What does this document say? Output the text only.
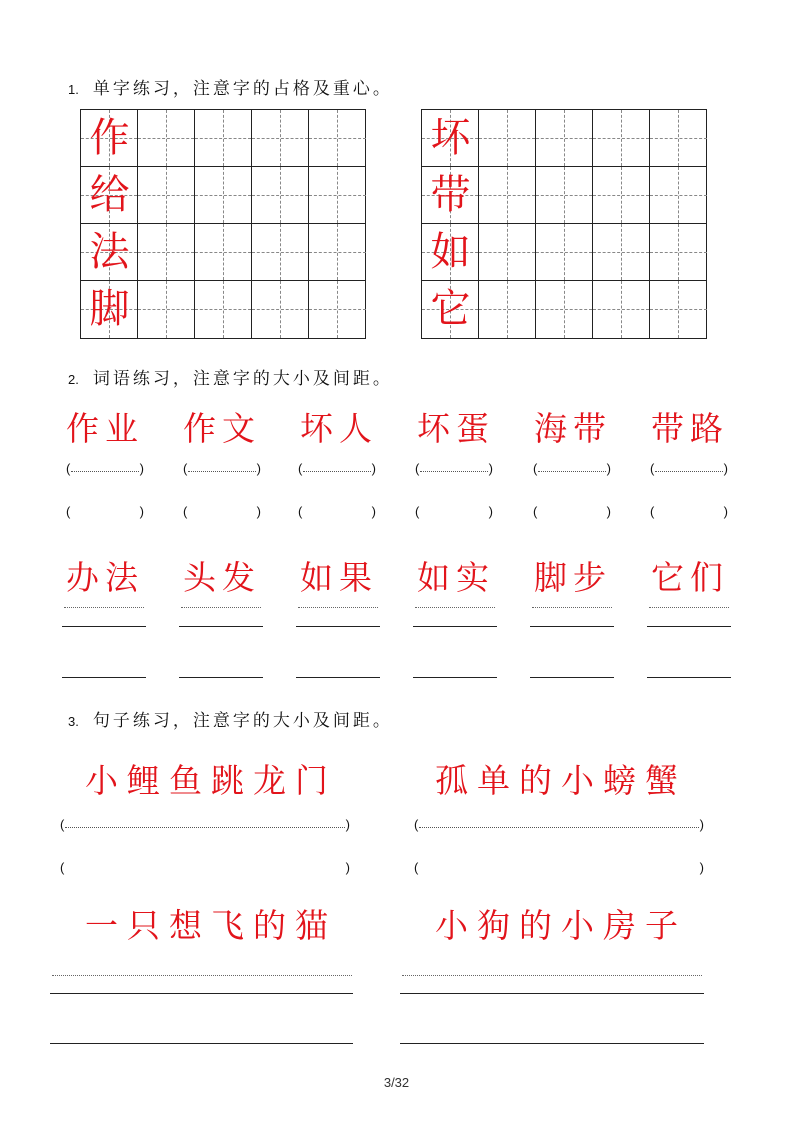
1. 单字练习，注意字的占格及重心。
作
给
法
脚
坏
带
如
它
2. 词语练习，注意字的大小及间距。
作业 作文 坏人 坏蛋 海带 带路
(	)	(	)	(	)	(	)	(	)	(	)
(	)	(	)	(	)	(	)	(	)	(	)
办法 头发 如果 如实 脚步 它们
3. 句子练习，注意字的大小及间距。
小鲤鱼跳龙门	孤单的小螃蟹
(	)	(	)
(	)	(	)
一只想飞的猫	小狗的小房子
3/32
